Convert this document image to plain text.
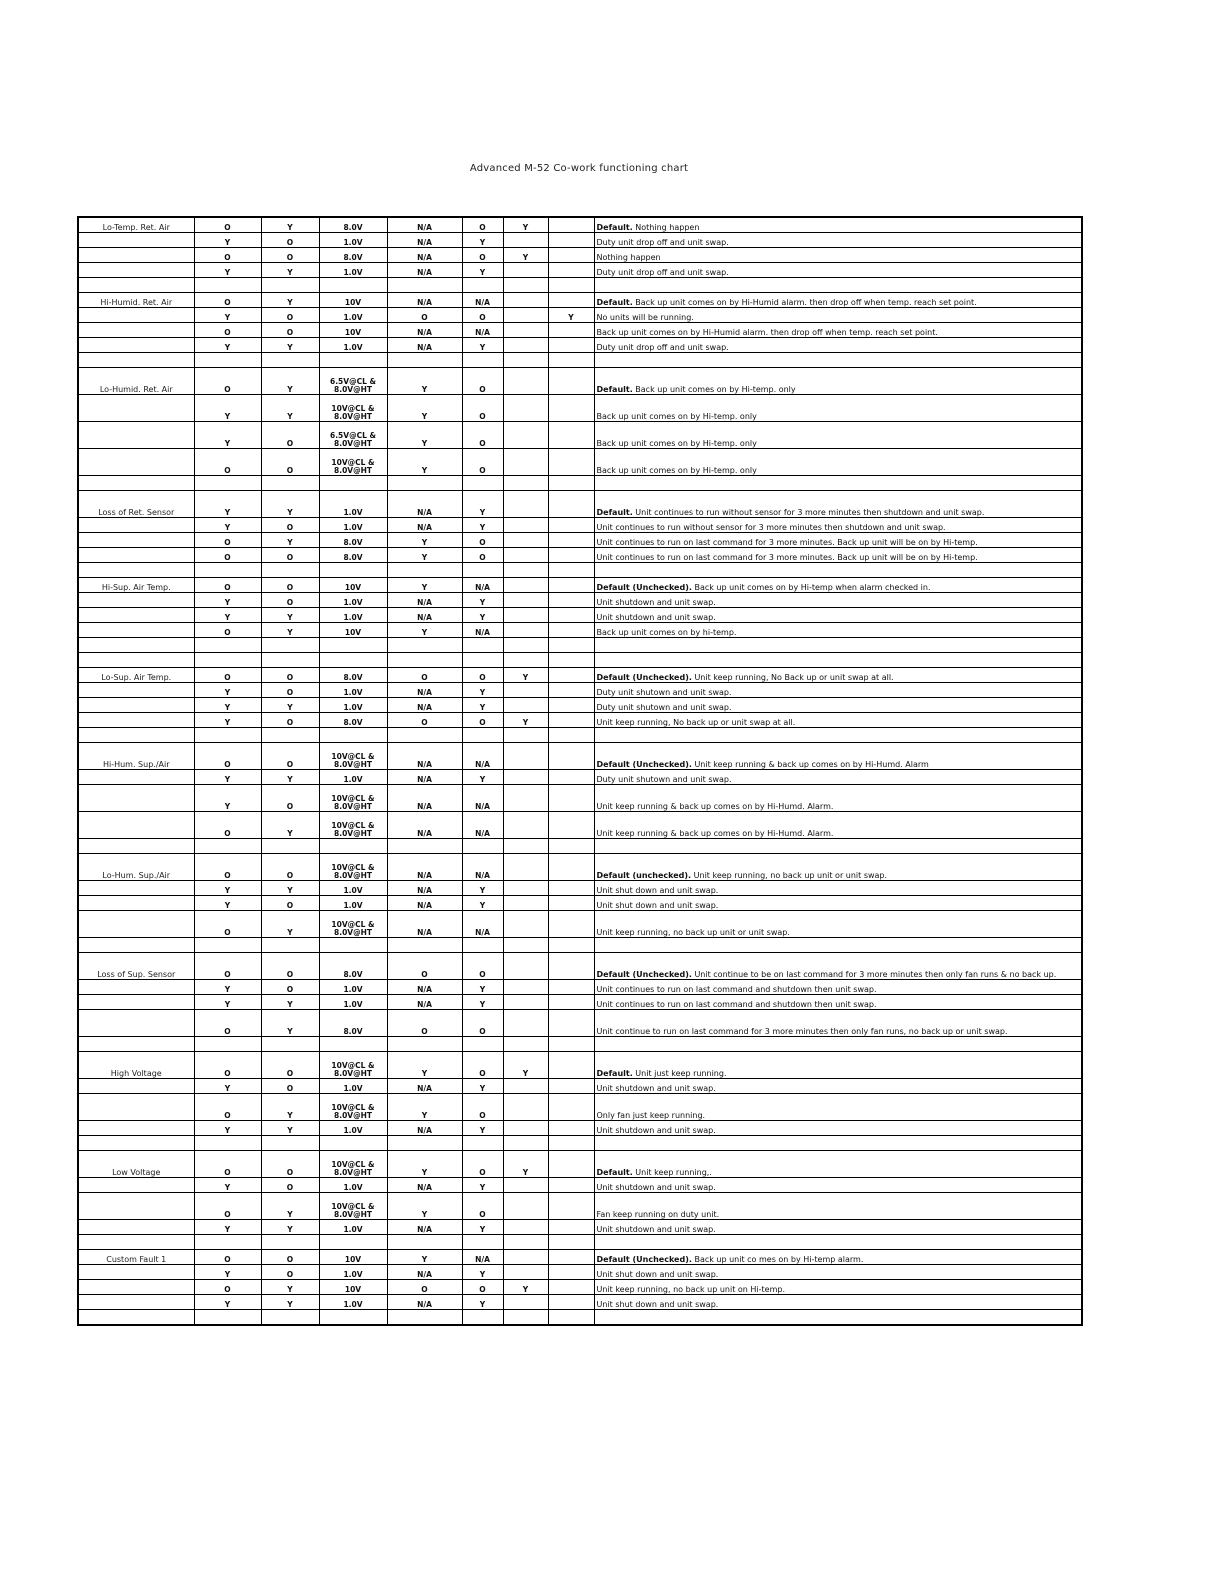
Advanced M-52 Co-work functioning chart
Lo-Temp. Ret. Air	O	Y	8.0V	N/A	O	Y		Default. Nothing happen
	Y	O	1.0V	N/A	Y			Duty unit drop off and unit swap.
	O	O	8.0V	N/A	O	Y		Nothing happen
	Y	Y	1.0V	N/A	Y			Duty unit drop off and unit swap.

Hi-Humid. Ret. Air	O	Y	10V	N/A	N/A			Default. Back up unit comes on by Hi-Humid alarm. then drop off when temp. reach set point.
	Y	O	1.0V	O	O		Y	No units will be running.
	O	O	10V	N/A	N/A			Back up unit comes on by Hi-Humid alarm. then drop off when temp. reach set point.
	Y	Y	1.0V	N/A	Y			Duty unit drop off and unit swap.

Lo-Humid. Ret. Air	O	Y	6.5V@CL &
8.0V@HT	Y	O			Default. Back up unit comes on by Hi-temp. only
	Y	Y	10V@CL &
8.0V@HT	Y	O			Back up unit comes on by Hi-temp. only
	Y	O	6.5V@CL &
8.0V@HT	Y	O			Back up unit comes on by Hi-temp. only
	O	O	10V@CL &
8.0V@HT	Y	O			Back up unit comes on by Hi-temp. only

Loss of Ret. Sensor	Y	Y	1.0V	N/A	Y			Default. Unit continues to run without sensor for 3 more minutes then shutdown and unit swap.
	Y	O	1.0V	N/A	Y			Unit continues to run without sensor for 3 more minutes then shutdown and unit swap.
	O	Y	8.0V	Y	O			Unit continues to run on last command for 3 more minutes. Back up unit will be on by Hi-temp.
	O	O	8.0V	Y	O			Unit continues to run on last command for 3 more minutes. Back up unit will be on by Hi-temp.

Hi-Sup. Air Temp.	O	O	10V	Y	N/A			Default (Unchecked). Back up unit comes on by Hi-temp when alarm checked in.
	Y	O	1.0V	N/A	Y			Unit shutdown and unit swap.
	Y	Y	1.0V	N/A	Y			Unit shutdown and unit swap.
	O	Y	10V	Y	N/A			Back up unit comes on by hi-temp.

Lo-Sup. Air Temp.	O	O	8.0V	O	O	Y		Default (Unchecked). Unit keep running, No Back up or unit swap at all.
	Y	O	1.0V	N/A	Y			Duty unit shutown and unit swap.
	Y	Y	1.0V	N/A	Y			Duty unit shutown and unit swap.
	Y	O	8.0V	O	O	Y		Unit keep running, No back up or unit swap at all.

Hi-Hum. Sup./Air	O	O	10V@CL &
8.0V@HT	N/A	N/A			Default (Unchecked). Unit keep running & back up comes on by Hi-Humd. Alarm
	Y	Y	1.0V	N/A	Y			Duty unit shutown and unit swap.
	Y	O	10V@CL &
8.0V@HT	N/A	N/A			Unit keep running & back up comes on by Hi-Humd. Alarm.
	O	Y	10V@CL &
8.0V@HT	N/A	N/A			Unit keep running & back up comes on by Hi-Humd. Alarm.

Lo-Hum. Sup./Air	O	O	10V@CL &
8.0V@HT	N/A	N/A			Default (unchecked). Unit keep running, no back up unit or unit swap.
	Y	Y	1.0V	N/A	Y			Unit shut down and unit swap.
	Y	O	1.0V	N/A	Y			Unit shut down and unit swap.
	O	Y	10V@CL &
8.0V@HT	N/A	N/A			Unit keep running, no back up unit or unit swap.

Loss of Sup. Sensor	O	O	8.0V	O	O			Default (Unchecked). Unit continue to be on last command for 3 more minutes then only fan runs & no back up.
	Y	O	1.0V	N/A	Y			Unit continues to run on last command and shutdown then unit swap.
	Y	Y	1.0V	N/A	Y			Unit continues to run on last command and shutdown then unit swap.
	O	Y	8.0V	O	O			Unit continue to run on last command for 3 more minutes then only fan runs, no back up or unit swap.

High Voltage	O	O	10V@CL &
8.0V@HT	Y	O	Y		Default. Unit just keep running.
	Y	O	1.0V	N/A	Y			Unit shutdown and unit swap.
	O	Y	10V@CL &
8.0V@HT	Y	O			Only fan just keep running.
	Y	Y	1.0V	N/A	Y			Unit shutdown and unit swap.

Low Voltage	O	O	10V@CL &
8.0V@HT	Y	O	Y		Default. Unit keep running,.
	Y	O	1.0V	N/A	Y			Unit shutdown and unit swap.
	O	Y	10V@CL &
8.0V@HT	Y	O			Fan keep running on duty unit.
	Y	Y	1.0V	N/A	Y			Unit shutdown and unit swap.

Custom Fault 1	O	O	10V	Y	N/A			Default (Unchecked). Back up unit co mes on by Hi-temp alarm.
	Y	O	1.0V	N/A	Y			Unit shut down and unit swap.
	O	Y	10V	O	O	Y		Unit keep running, no back up unit on Hi-temp.
	Y	Y	1.0V	N/A	Y			Unit shut down and unit swap.
